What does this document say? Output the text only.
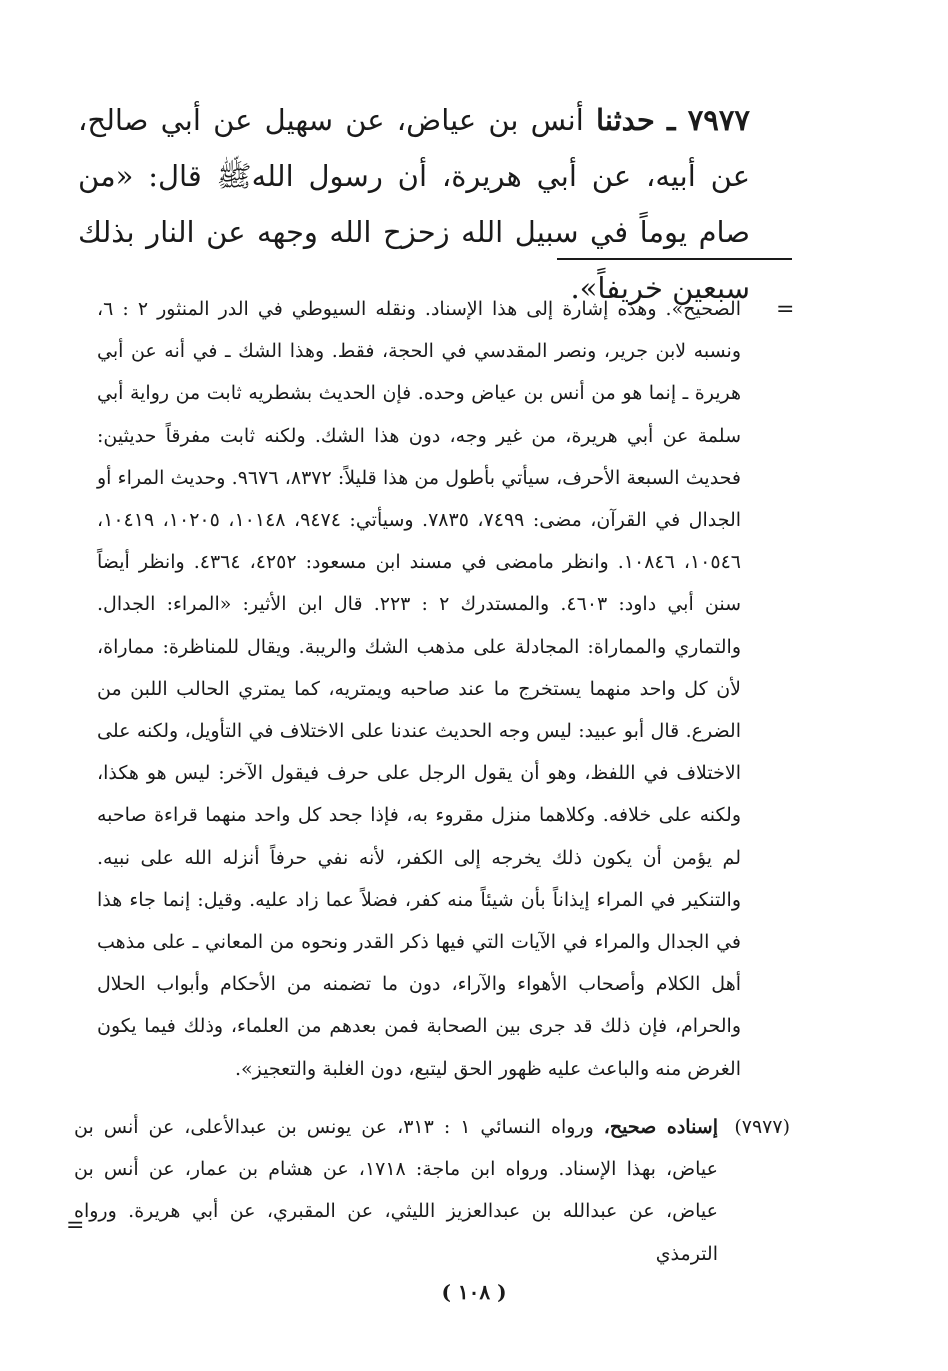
٧٩٧٧ ـ حدثنا أنس بن عياض، عن سهيل عن أبي صالح، عن أبيه، عن أبي هريرة، أن رسول اللهﷺ قال: «من صام يوماً في سبيل الله زحزح الله وجهه عن النار بذلك سبعين خريفاً».
=
الصحيح». وهذه إشارة إلى هذا الإسناد. ونقله السيوطي في الدر المنثور ٢ : ٦، ونسبه لابن جرير، ونصر المقدسي في الحجة، فقط. وهذا الشك ـ في أنه عن أبي هريرة ـ إنما هو من أنس بن عياض وحده. فإن الحديث بشطريه ثابت من رواية أبي سلمة عن أبي هريرة، من غير وجه، دون هذا الشك. ولكنه ثابت مفرقاً حديثين: فحديث السبعة الأحرف، سيأتي بأطول من هذا قليلاً: ٨٣٧٢، ٩٦٧٦. وحديث المراء أو الجدال في القرآن، مضى: ٧٤٩٩، ٧٨٣٥. وسيأتي: ٩٤٧٤، ١٠١٤٨، ١٠٢٠٥، ١٠٤١٩، ١٠٥٤٦، ١٠٨٤٦. وانظر مامضى في مسند ابن مسعود: ٤٢٥٢، ٤٣٦٤. وانظر أيضاً سنن أبي داود: ٤٦٠٣. والمستدرك ٢ : ٢٢٣. قال ابن الأثير: «المراء: الجدال. والتماري والمماراة: المجادلة على مذهب الشك والريبة. ويقال للمناظرة: مماراة، لأن كل واحد منهما يستخرج ما عند صاحبه ويمتريه، كما يمتري الحالب اللبن من الضرع. قال أبو عبيد: ليس وجه الحديث عندنا على الاختلاف في التأويل، ولكنه على الاختلاف في اللفظ، وهو أن يقول الرجل على حرف فيقول الآخر: ليس هو هكذا، ولكنه على خلافه. وكلاهما منزل مقروء به، فإذا جحد كل واحد منهما قراءة صاحبه لم يؤمن أن يكون ذلك يخرجه إلى الكفر، لأنه نفي حرفاً أنزله الله على نبيه. والتنكير في المراء إيذاناً بأن شيئاً منه كفر، فضلاً عما زاد عليه. وقيل: إنما جاء هذا في الجدال والمراء في الآيات التي فيها ذكر القدر ونحوه من المعاني ـ على مذهب أهل الكلام وأصحاب الأهواء والآراء، دون ما تضمنه من الأحكام وأبواب الحلال والحرام، فإن ذلك قد جرى بين الصحابة فمن بعدهم من العلماء، وذلك فيما يكون الغرض منه والباعث عليه ظهور الحق ليتبع، دون الغلبة والتعجيز».
(٧٩٧٧)
إسناده صحيح، ورواه النسائي ١ : ٣١٣، عن يونس بن عبدالأعلى، عن أنس بن عياض، بهذا الإسناد. ورواه ابن ماجة: ١٧١٨، عن هشام بن عمار، عن أنس بن عياض، عن عبدالله بن عبدالعزيز الليثي، عن المقبري، عن أبي هريرة. ورواه الترمذي
=
( ١٠٨ )
